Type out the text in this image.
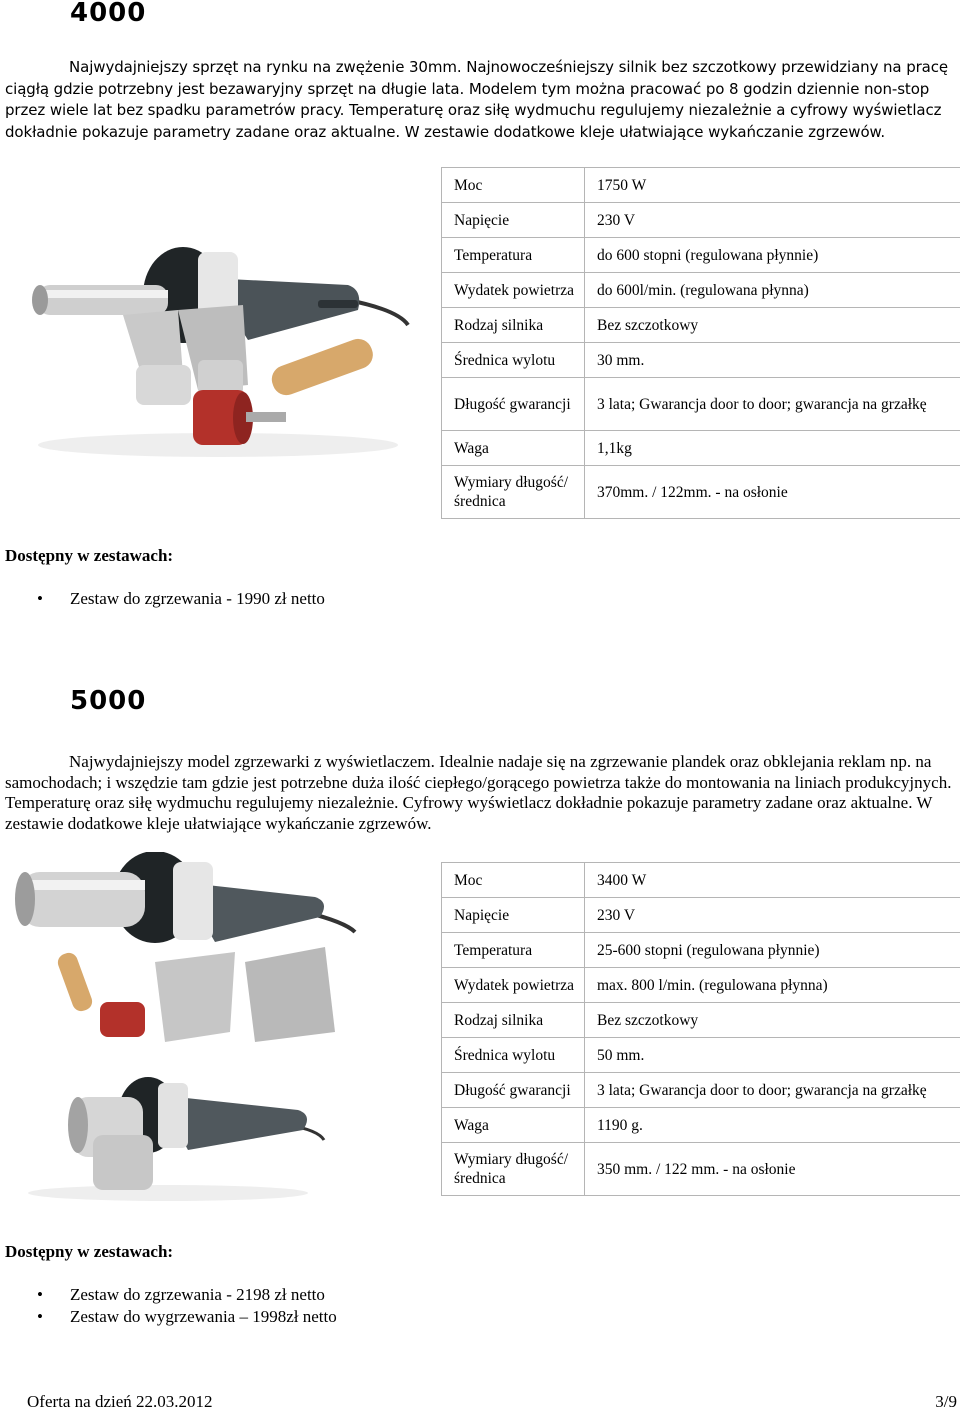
4000
Najwydajniejszy sprzęt na rynku na zwężenie 30mm. Najnowocześniejszy silnik bez szczotkowy przewidziany na pracę ciągłą gdzie potrzebny jest bezawaryjny sprzęt na długie lata. Modelem tym można pracować po 8 godzin dziennie non-stop przez wiele lat bez spadku parametrów pracy. Temperaturę oraz siłę wydmuchu regulujemy niezależnie a cyfrowy wyświetlacz dokładnie pokazuje parametry zadane oraz aktualne. W zestawie dodatkowe kleje ułatwiające wykańczanie zgrzewów.
Moc	1750 W
Napięcie	230 V
Temperatura	do 600 stopni (regulowana płynnie)
Wydatek powietrza	do 600l/min. (regulowana płynna)
Rodzaj silnika	Bez szczotkowy
Średnica wylotu	30 mm.
Długość gwarancji	3 lata; Gwarancja door to door; gwarancja na grzałkę
Waga	1,1kg
Wymiary długość/średnica	370mm. / 122mm. - na osłonie
Dostępny w zestawach:
• Zestaw do zgrzewania - 1990 zł netto
5000
Najwydajniejszy model zgrzewarki z wyświetlaczem. Idealnie nadaje się na zgrzewanie plandek oraz obklejania reklam np. na samochodach; i wszędzie tam gdzie jest potrzebne duża ilość ciepłego/gorącego powietrza także do montowania na liniach produkcyjnych. Temperaturę oraz siłę wydmuchu regulujemy niezależnie. Cyfrowy wyświetlacz dokładnie pokazuje parametry zadane oraz aktualne. W zestawie dodatkowe kleje ułatwiające wykańczanie zgrzewów.
Moc	3400 W
Napięcie	230 V
Temperatura	25-600 stopni (regulowana płynnie)
Wydatek powietrza	max. 800 l/min. (regulowana płynna)
Rodzaj silnika	Bez szczotkowy
Średnica wylotu	50 mm.
Długość gwarancji	3 lata; Gwarancja door to door; gwarancja na grzałkę
Waga	1190 g.
Wymiary długość/średnica	350 mm. / 122 mm. - na osłonie
Dostępny w zestawach:
• Zestaw do zgrzewania - 2198 zł netto
• Zestaw do wygrzewania – 1998zł netto
Oferta na dzień 22.03.2012	3/9
